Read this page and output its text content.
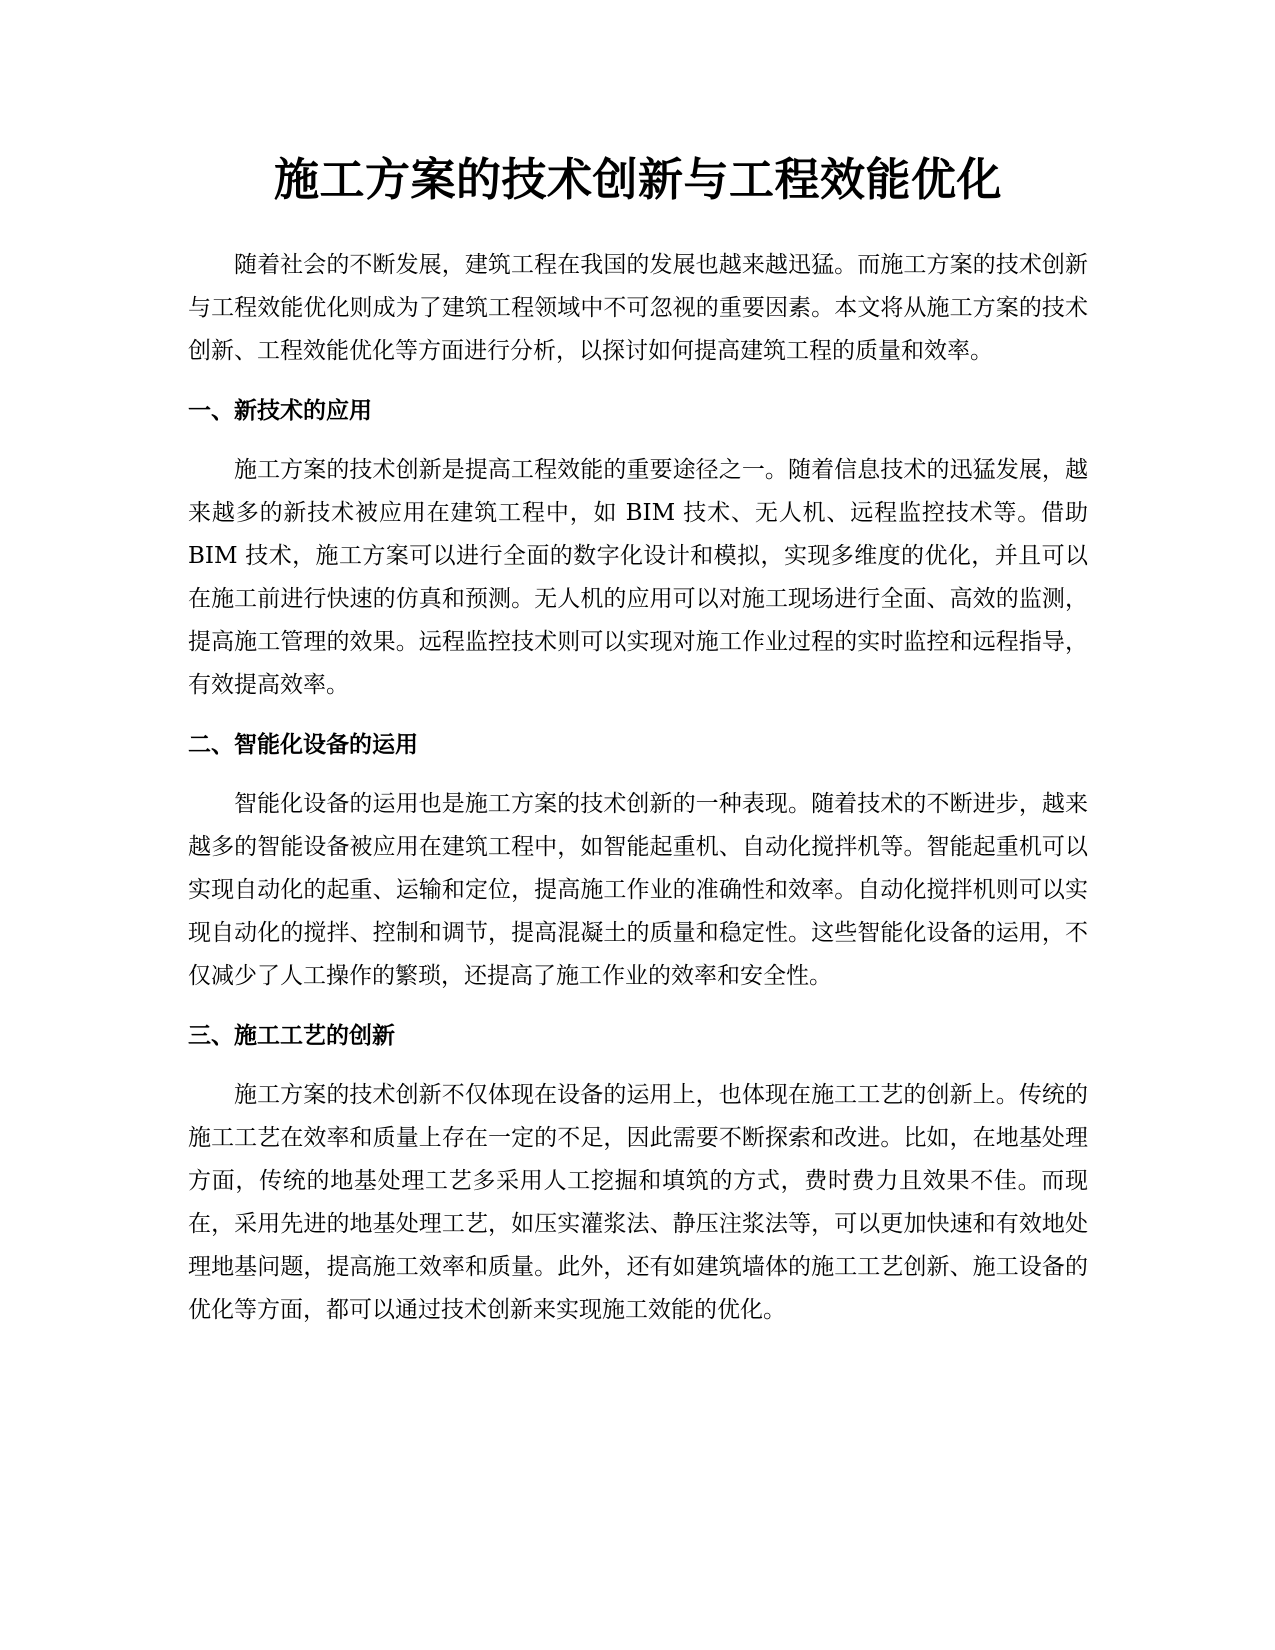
施工方案的技术创新与工程效能优化

随着社会的不断发展，建筑工程在我国的发展也越来越迅猛。而施工方案的技术创新与工程效能优化则成为了建筑工程领域中不可忽视的重要因素。本文将从施工方案的技术创新、工程效能优化等方面进行分析，以探讨如何提高建筑工程的质量和效率。

一、新技术的应用

施工方案的技术创新是提高工程效能的重要途径之一。随着信息技术的迅猛发展，越来越多的新技术被应用在建筑工程中，如 BIM 技术、无人机、远程监控技术等。借助 BIM 技术，施工方案可以进行全面的数字化设计和模拟，实现多维度的优化，并且可以在施工前进行快速的仿真和预测。无人机的应用可以对施工现场进行全面、高效的监测，提高施工管理的效果。远程监控技术则可以实现对施工作业过程的实时监控和远程指导，有效提高效率。

二、智能化设备的运用

智能化设备的运用也是施工方案的技术创新的一种表现。随着技术的不断进步，越来越多的智能设备被应用在建筑工程中，如智能起重机、自动化搅拌机等。智能起重机可以实现自动化的起重、运输和定位，提高施工作业的准确性和效率。自动化搅拌机则可以实现自动化的搅拌、控制和调节，提高混凝土的质量和稳定性。这些智能化设备的运用，不仅减少了人工操作的繁琐，还提高了施工作业的效率和安全性。

三、施工工艺的创新

施工方案的技术创新不仅体现在设备的运用上，也体现在施工工艺的创新上。传统的施工工艺在效率和质量上存在一定的不足，因此需要不断探索和改进。比如，在地基处理方面，传统的地基处理工艺多采用人工挖掘和填筑的方式，费时费力且效果不佳。而现在，采用先进的地基处理工艺，如压实灌浆法、静压注浆法等，可以更加快速和有效地处理地基问题，提高施工效率和质量。此外，还有如建筑墙体的施工工艺创新、施工设备的优化等方面，都可以通过技术创新来实现施工效能的优化。
